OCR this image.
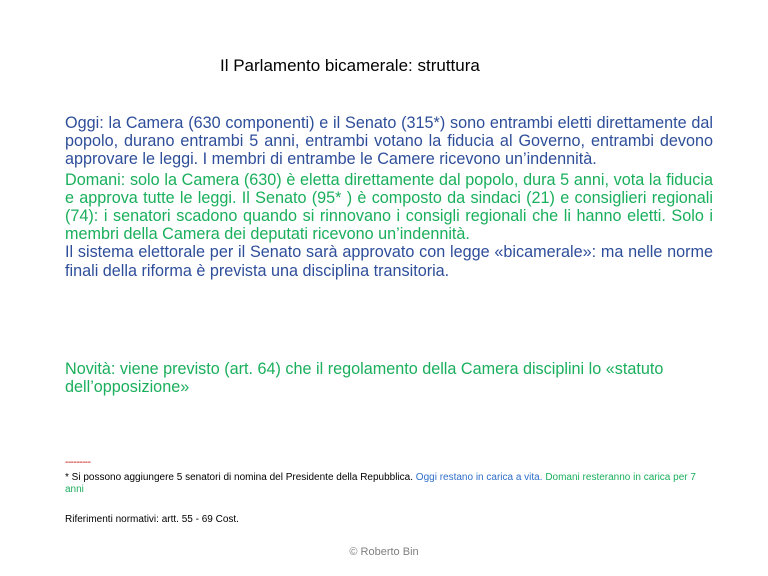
Il Parlamento bicamerale: struttura

Oggi: la Camera (630 componenti) e il Senato (315*) sono entrambi eletti direttamente dal popolo, durano entrambi 5 anni, entrambi votano la fiducia al Governo, entrambi devono approvare le leggi. I membri di entrambe le Camere ricevono un’indennità.

Domani: solo la Camera (630) è eletta direttamente dal popolo, dura 5 anni, vota la fiducia e approva tutte le leggi. Il Senato (95* ) è composto da sindaci (21) e consiglieri regionali (74): i senatori scadono quando si rinnovano i consigli regionali che li hanno eletti. Solo i membri della Camera dei deputati ricevono un’indennità.

Il sistema elettorale per il Senato sarà approvato con legge «bicamerale»: ma nelle norme finali della riforma è prevista una disciplina transitoria.

Novità: viene previsto (art. 64) che il regolamento della Camera disciplini lo «statuto dell’opposizione»
---------
* Si possono aggiungere 5 senatori di nomina del Presidente della Repubblica. Oggi restano in carica a vita. Domani resteranno in carica per 7 anni
Riferimenti normativi: artt. 55 - 69 Cost.
© Roberto Bin
